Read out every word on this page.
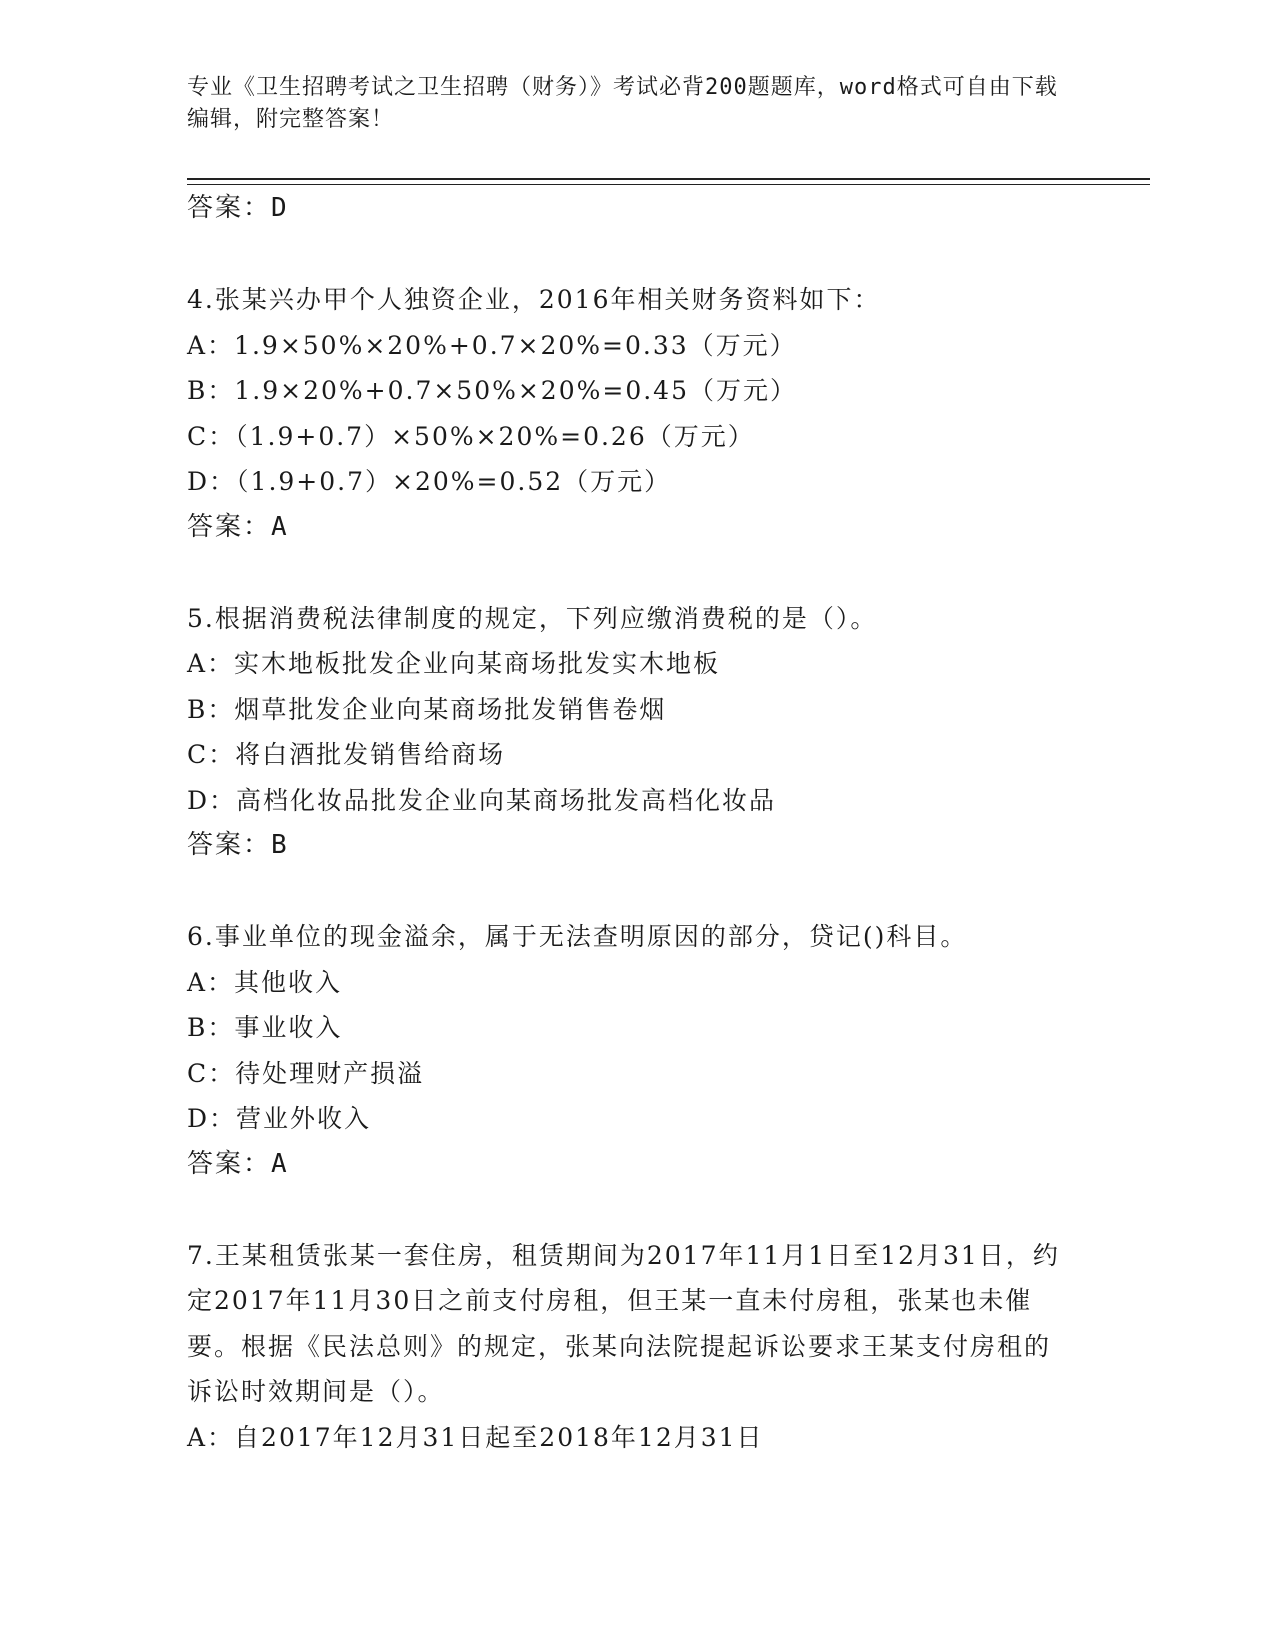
专业《卫生招聘考试之卫生招聘（财务）》考试必背200题题库，word格式可自由下载编辑，附完整答案！
答案：D
4.张某兴办甲个人独资企业，2016年相关财务资料如下：
A：1.9×50%×20%+0.7×20%=0.33（万元）
B：1.9×20%+0.7×50%×20%=0.45（万元）
C：（1.9+0.7）×50%×20%=0.26（万元）
D：（1.9+0.7）×20%=0.52（万元）
答案：A
5.根据消费税法律制度的规定，下列应缴消费税的是（）。
A：实木地板批发企业向某商场批发实木地板
B：烟草批发企业向某商场批发销售卷烟
C：将白酒批发销售给商场
D：高档化妆品批发企业向某商场批发高档化妆品
答案：B
6.事业单位的现金溢余，属于无法查明原因的部分，贷记()科目。
A：其他收入
B：事业收入
C：待处理财产损溢
D：营业外收入
答案：A
7.王某租赁张某一套住房，租赁期间为2017年11月1日至12月31日，约定2017年11月30日之前支付房租，但王某一直未付房租，张某也未催要。根据《民法总则》的规定，张某向法院提起诉讼要求王某支付房租的诉讼时效期间是（）。
A：自2017年12月31日起至2018年12月31日
